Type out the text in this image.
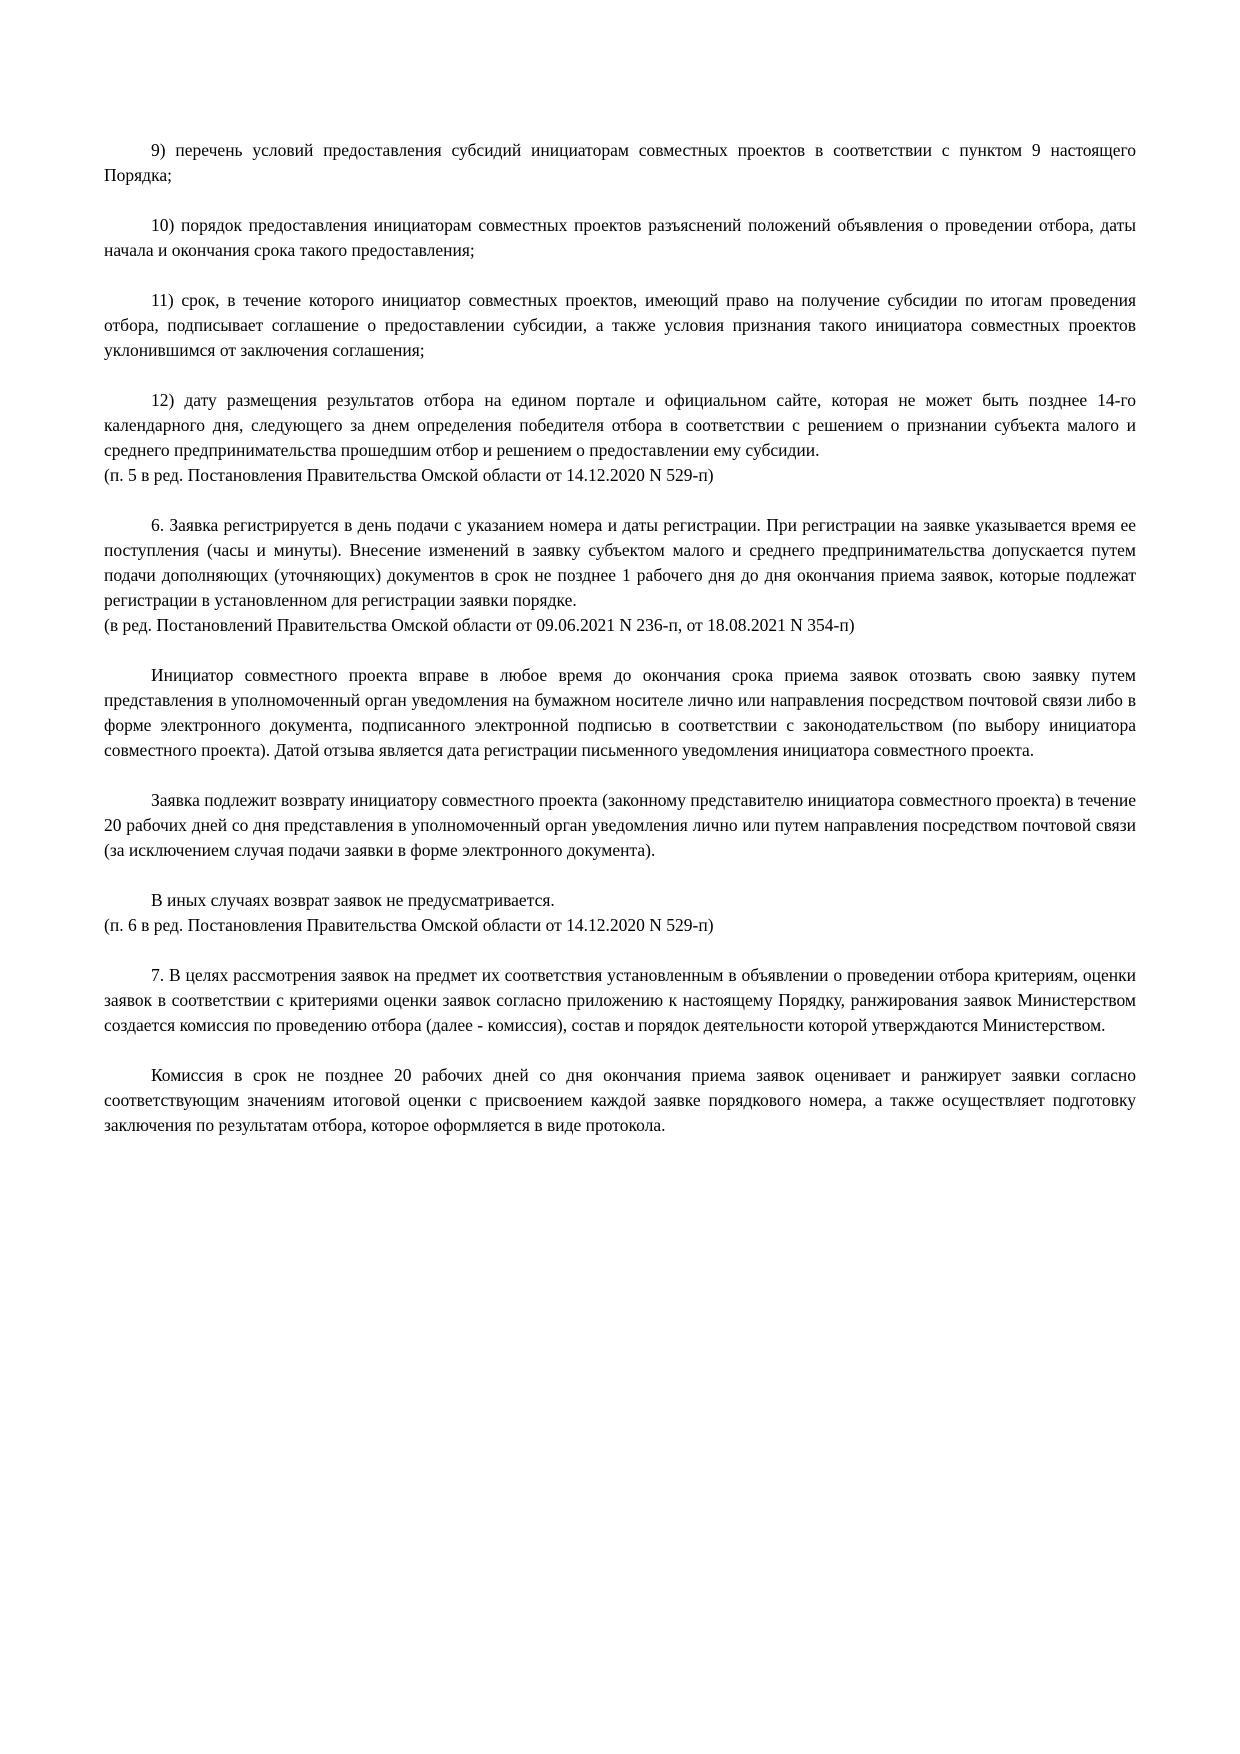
9) перечень условий предоставления субсидий инициаторам совместных проектов в соответствии с пунктом 9 настоящего Порядка;

10) порядок предоставления инициаторам совместных проектов разъяснений положений объявления о проведении отбора, даты начала и окончания срока такого предоставления;

11) срок, в течение которого инициатор совместных проектов, имеющий право на получение субсидии по итогам проведения отбора, подписывает соглашение о предоставлении субсидии, а также условия признания такого инициатора совместных проектов уклонившимся от заключения соглашения;

12) дату размещения результатов отбора на едином портале и официальном сайте, которая не может быть позднее 14-го календарного дня, следующего за днем определения победителя отбора в соответствии с решением о признании субъекта малого и среднего предпринимательства прошедшим отбор и решением о предоставлении ему субсидии.

(п. 5 в ред. Постановления Правительства Омской области от 14.12.2020 N 529-п)

6. Заявка регистрируется в день подачи с указанием номера и даты регистрации. При регистрации на заявке указывается время ее поступления (часы и минуты). Внесение изменений в заявку субъектом малого и среднего предпринимательства допускается путем подачи дополняющих (уточняющих) документов в срок не позднее 1 рабочего дня до дня окончания приема заявок, которые подлежат регистрации в установленном для регистрации заявки порядке.

(в ред. Постановлений Правительства Омской области от 09.06.2021 N 236-п, от 18.08.2021 N 354-п)

Инициатор совместного проекта вправе в любое время до окончания срока приема заявок отозвать свою заявку путем представления в уполномоченный орган уведомления на бумажном носителе лично или направления посредством почтовой связи либо в форме электронного документа, подписанного электронной подписью в соответствии с законодательством (по выбору инициатора совместного проекта). Датой отзыва является дата регистрации письменного уведомления инициатора совместного проекта.

Заявка подлежит возврату инициатору совместного проекта (законному представителю инициатора совместного проекта) в течение 20 рабочих дней со дня представления в уполномоченный орган уведомления лично или путем направления посредством почтовой связи (за исключением случая подачи заявки в форме электронного документа).

В иных случаях возврат заявок не предусматривается.

(п. 6 в ред. Постановления Правительства Омской области от 14.12.2020 N 529-п)

7. В целях рассмотрения заявок на предмет их соответствия установленным в объявлении о проведении отбора критериям, оценки заявок в соответствии с критериями оценки заявок согласно приложению к настоящему Порядку, ранжирования заявок Министерством создается комиссия по проведению отбора (далее - комиссия), состав и порядок деятельности которой утверждаются Министерством.

Комиссия в срок не позднее 20 рабочих дней со дня окончания приема заявок оценивает и ранжирует заявки согласно соответствующим значениям итоговой оценки с присвоением каждой заявке порядкового номера, а также осуществляет подготовку заключения по результатам отбора, которое оформляется в виде протокола.
